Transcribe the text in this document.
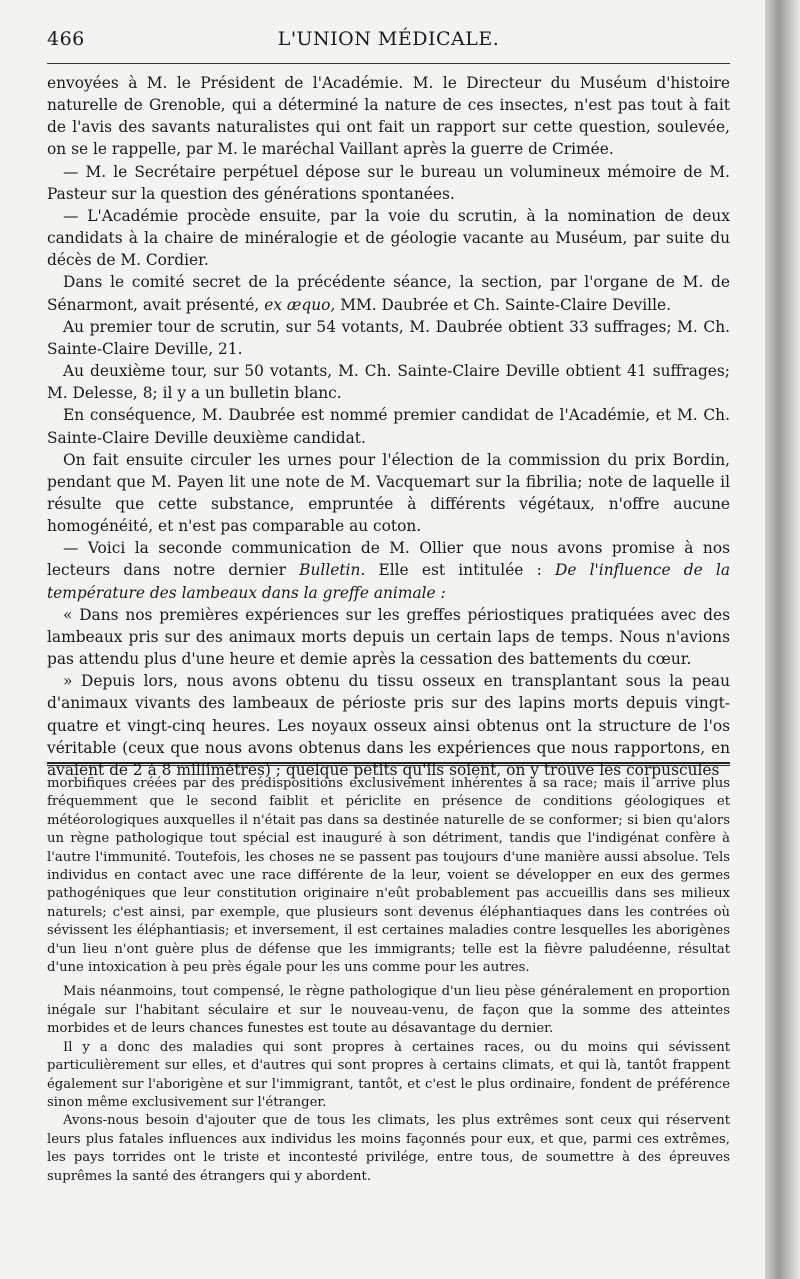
466	L'UNION MÉDICALE.

envoyées à M. le Président de l'Académie. M. le Directeur du Muséum d'histoire naturelle de Grenoble, qui a déterminé la nature de ces insectes, n'est pas tout à fait de l'avis des savants naturalistes qui ont fait un rapport sur cette question, soulevée, on se le rappelle, par M. le maréchal Vaillant après la guerre de Crimée.

— M. le Secrétaire perpétuel dépose sur le bureau un volumineux mémoire de M. Pasteur sur la question des générations spontanées.

— L'Académie procède ensuite, par la voie du scrutin, à la nomination de deux candidats à la chaire de minéralogie et de géologie vacante au Muséum, par suite du décès de M. Cordier.

Dans le comité secret de la précédente séance, la section, par l'organe de M. de Sénarmont, avait présenté, ex æquo, MM. Daubrée et Ch. Sainte-Claire Deville.

Au premier tour de scrutin, sur 54 votants, M. Daubrée obtient 33 suffrages; M. Ch. Sainte-Claire Deville, 21.

Au deuxième tour, sur 50 votants, M. Ch. Sainte-Claire Deville obtient 41 suffrages; M. Delesse, 8; il y a un bulletin blanc.

En conséquence, M. Daubrée est nommé premier candidat de l'Académie, et M. Ch. Sainte-Claire Deville deuxième candidat.

On fait ensuite circuler les urnes pour l'élection de la commission du prix Bordin, pendant que M. Payen lit une note de M. Vacquemart sur la fibrilia; note de laquelle il résulte que cette substance, empruntée à différents végétaux, n'offre aucune homogénéité, et n'est pas comparable au coton.

— Voici la seconde communication de M. Ollier que nous avons promise à nos lecteurs dans notre dernier Bulletin. Elle est intitulée : De l'influence de la température des lambeaux dans la greffe animale :

« Dans nos premières expériences sur les greffes périostiques pratiquées avec des lambeaux pris sur des animaux morts depuis un certain laps de temps. Nous n'avions pas attendu plus d'une heure et demie après la cessation des battements du cœur.

» Depuis lors, nous avons obtenu du tissu osseux en transplantant sous la peau d'animaux vivants des lambeaux de périoste pris sur des lapins morts depuis vingt-quatre et vingt-cinq heures. Les noyaux osseux ainsi obtenus ont la structure de l'os véritable (ceux que nous avons obtenus dans les expériences que nous rapportons, en avaient de 2 à 8 millimètres) ; quelque petits qu'ils soient, on y trouve les corpuscules

morbifiques créées par des prédispositions exclusivement inhérentes à sa race; mais il arrive plus fréquemment que le second faiblit et périclite en présence de conditions géologiques et météorologiques auxquelles il n'était pas dans sa destinée naturelle de se conformer; si bien qu'alors un règne pathologique tout spécial est inauguré à son détriment, tandis que l'indigénat confère à l'autre l'immunité. Toutefois, les choses ne se passent pas toujours d'une manière aussi absolue. Tels individus en contact avec une race différente de la leur, voient se développer en eux des germes pathogéniques que leur constitution originaire n'eût probablement pas accueillis dans ses milieux naturels; c'est ainsi, par exemple, que plusieurs sont devenus éléphantiaques dans les contrées où sévissent les éléphantiasis; et inversement, il est certaines maladies contre lesquelles les aborigènes d'un lieu n'ont guère plus de défense que les immigrants; telle est la fièvre paludéenne, résultat d'une intoxication à peu près égale pour les uns comme pour les autres.

Mais néanmoins, tout compensé, le règne pathologique d'un lieu pèse généralement en proportion inégale sur l'habitant séculaire et sur le nouveau-venu, de façon que la somme des atteintes morbides et de leurs chances funestes est toute au désavantage du dernier.

Il y a donc des maladies qui sont propres à certaines races, ou du moins qui sévissent particulièrement sur elles, et d'autres qui sont propres à certains climats, et qui là, tantôt frappent également sur l'aborigène et sur l'immigrant, tantôt, et c'est le plus ordinaire, fondent de préférence sinon même exclusivement sur l'étranger.

Avons-nous besoin d'ajouter que de tous les climats, les plus extrêmes sont ceux qui réservent leurs plus fatales influences aux individus les moins façonnés pour eux, et que, parmi ces extrêmes, les pays torrides ont le triste et incontesté privilége, entre tous, de soumettre à des épreuves suprêmes la santé des étrangers qui y abordent.
